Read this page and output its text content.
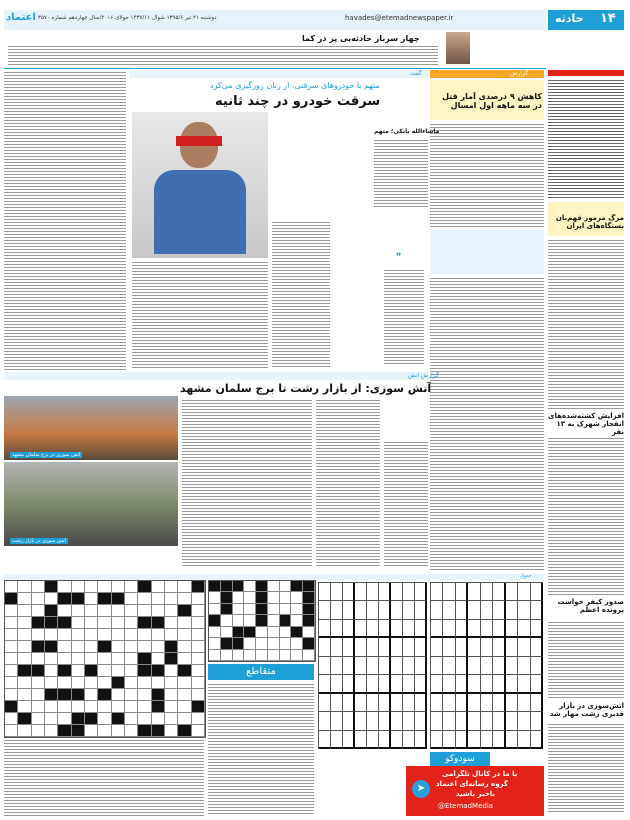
۱۴
حادثه
havades@etemadnewspaper.ir
دوشنبه ۲۱ تیر ۱۳۹۵/۶ شوال ۱۴۳۷/۱۱ جولای ۲۰۱۶/سال چهاردهم شماره ۳۵۷۰
اعتماد
چهار سرباز حادثه‌یی پز در کما
مرگ مرموز فهم‌بان بستگاه‌های ایران
افزایش کشته‌شده‌های انفجار شهرک به ۱۳ نفر
صدور کیفر خواست پرونده اعظم
آتش‌سوزی در بازار قدیری رشت مهار شد
گزارش
کاهش ۹ درصدی آمار قتل در سه ماهه اول امسال
گفت
متهم با خودروهای سرقتی، از زنان زورگیری می‌کرد
سرقت خودرو در چند ثانیه
ماشاءالله بانکی؛ متهم
❞
گزارش آتش
آتش سوزی: از بازار رشت تا برج سلمان مشهد
آتش سوزی در برج سلمان مشهد
آتش سوزی در بازار رشت
جدول
متقاطع
سودوکو
➤
با ما در کانال تلگرامی
گروه رسانه‌ای اعتماد
باخبر باشید
@EtemadMedia
